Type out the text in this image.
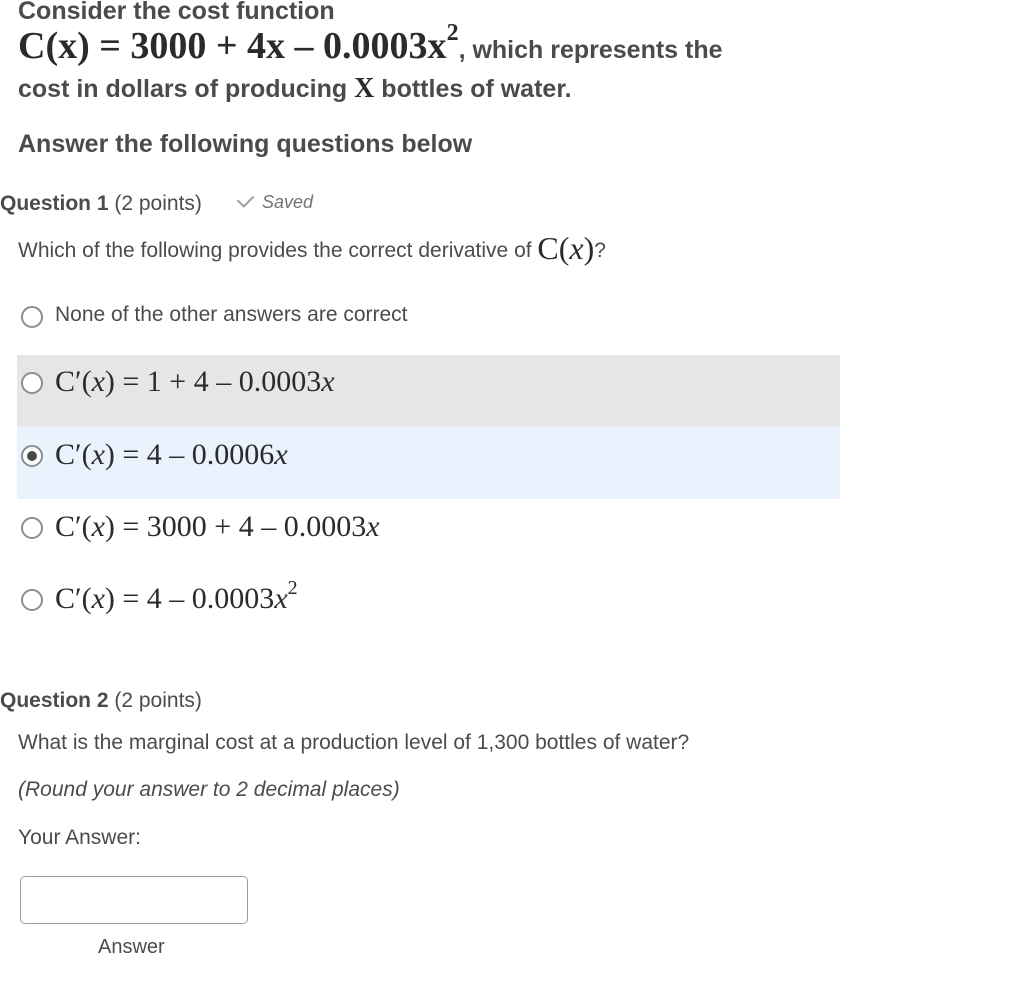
Consider the cost function
$C(x) = 3000 + 4x - 0.0003x^2$, which represents the
cost in dollars of producing X bottles of water.
Answer the following questions below
Question 1 (2 points)	Saved
Which of the following provides the correct derivative of C(x)?
None of the other answers are correct
C′(x) = 1 + 4 – 0.0003x
C′(x) = 4 – 0.0006x
C′(x) = 3000 + 4 – 0.0003x
$C'(x) = 4 - 0.0003x^2$
Question 2 (2 points)
What is the marginal cost at a production level of 1,300 bottles of water?
(Round your answer to 2 decimal places)
Your Answer:
Answer
